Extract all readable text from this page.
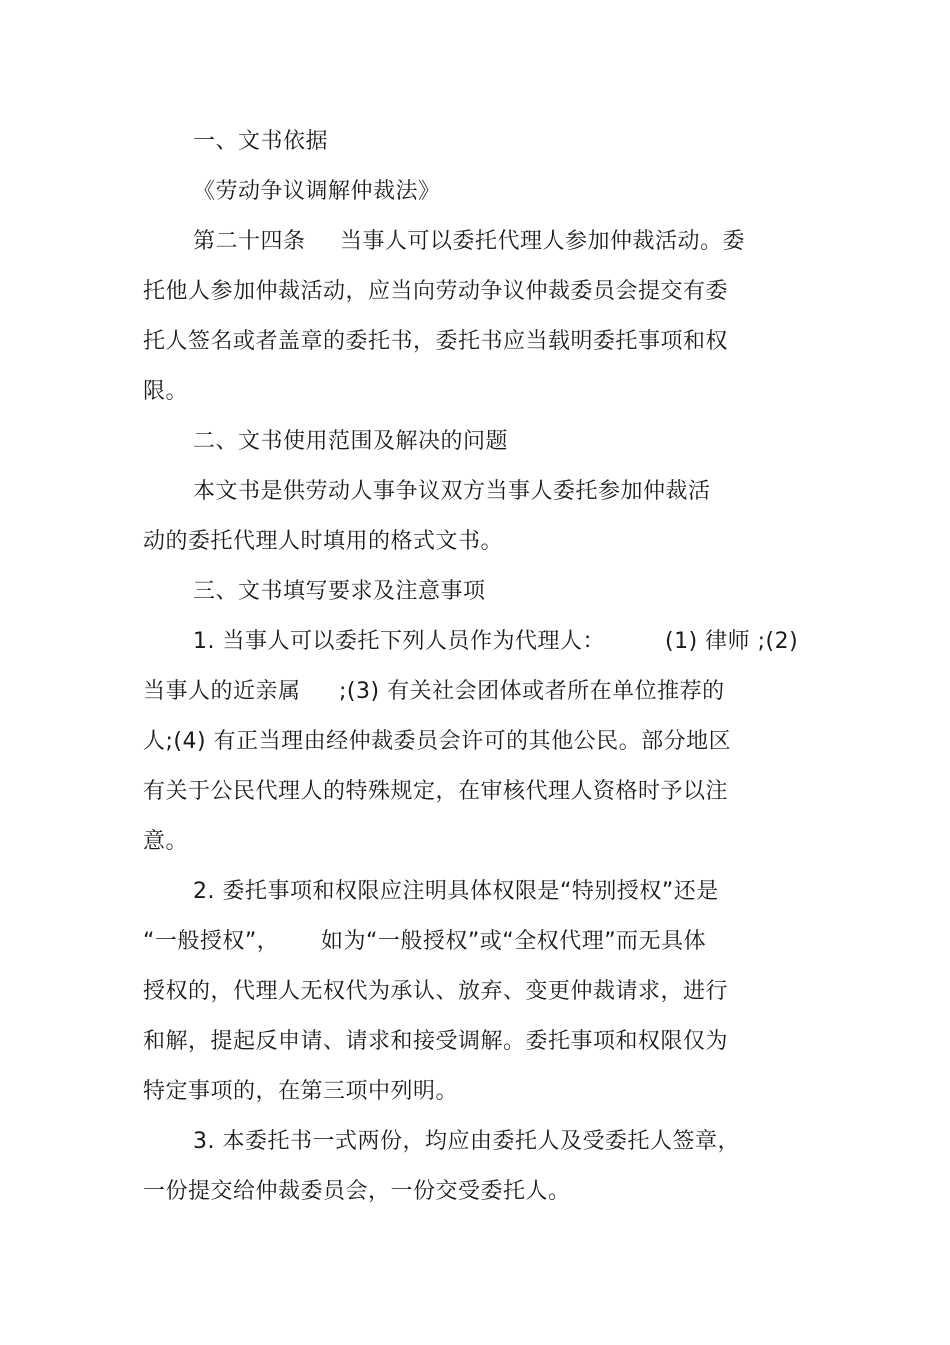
一、文书依据
《劳动争议调解仲裁法》
第二十四条 当事人可以委托代理人参加仲裁活动。委
托他人参加仲裁活动，应当向劳动争议仲裁委员会提交有委
托人签名或者盖章的委托书，委托书应当载明委托事项和权
限。
二、文书使用范围及解决的问题
本文书是供劳动人事争议双方当事人委托参加仲裁活
动的委托代理人时填用的格式文书。
三、文书填写要求及注意事项
1. 当事人可以委托下列人员作为代理人：	(1) 律师 ;(2)
当事人的近亲属 ;(3) 有关社会团体或者所在单位推荐的
人;(4) 有正当理由经仲裁委员会许可的其他公民。部分地区
有关于公民代理人的特殊规定，在审核代理人资格时予以注
意。
2. 委托事项和权限应注明具体权限是“特别授权”还是
“一般授权”， 如为“一般授权”或“全权代理”而无具体
授权的，代理人无权代为承认、放弃、变更仲裁请求，进行
和解，提起反申请、请求和接受调解。委托事项和权限仅为
特定事项的，在第三项中列明。
3. 本委托书一式两份，均应由委托人及受委托人签章，
一份提交给仲裁委员会，一份交受委托人。
